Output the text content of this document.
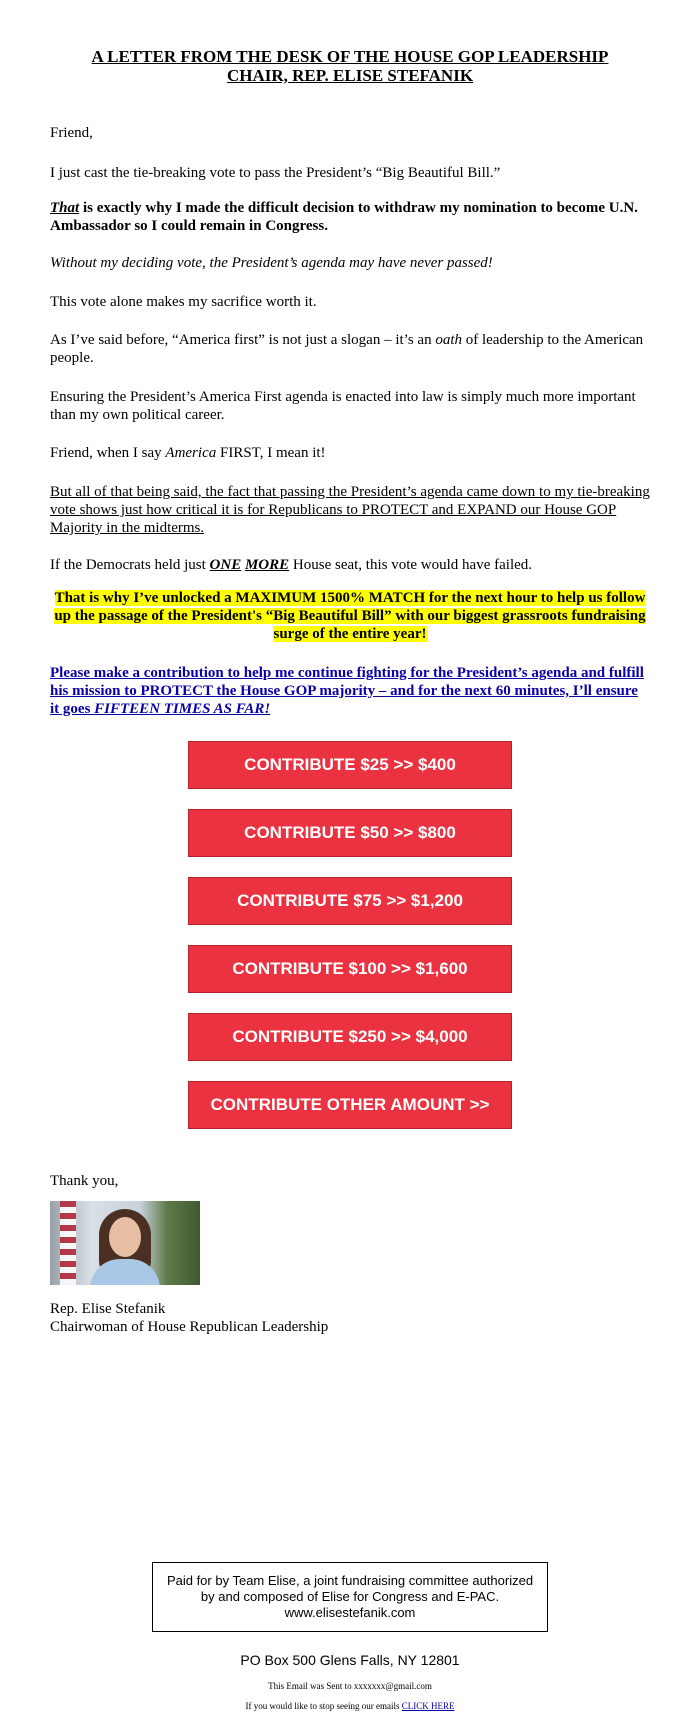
A LETTER FROM THE DESK OF THE HOUSE GOP LEADERSHIP
CHAIR, REP. ELISE STEFANIK
Friend,
I just cast the tie-breaking vote to pass the President’s “Big Beautiful Bill.”
That is exactly why I made the difficult decision to withdraw my nomination to become U.N. Ambassador so I could remain in Congress.
Without my deciding vote, the President’s agenda may have never passed!
This vote alone makes my sacrifice worth it.
As I’ve said before, “America first” is not just a slogan – it’s an oath of leadership to the American people.
Ensuring the President’s America First agenda is enacted into law is simply much more important than my own political career.
Friend, when I say America FIRST, I mean it!
But all of that being said, the fact that passing the President’s agenda came down to my tie-breaking vote shows just how critical it is for Republicans to PROTECT and EXPAND our House GOP Majority in the midterms.
If the Democrats held just ONE MORE House seat, this vote would have failed.
That is why I’ve unlocked a MAXIMUM 1500% MATCH for the next hour to help us follow up the passage of the President's “Big Beautiful Bill” with our biggest grassroots fundraising surge of the entire year!
Please make a contribution to help me continue fighting for the President’s agenda and fulfill his mission to PROTECT the House GOP majority – and for the next 60 minutes, I’ll ensure it goes FIFTEEN TIMES AS FAR!
CONTRIBUTE $25 >> $400
CONTRIBUTE $50 >> $800
CONTRIBUTE $75 >> $1,200
CONTRIBUTE $100 >> $1,600
CONTRIBUTE $250 >> $4,000
CONTRIBUTE OTHER AMOUNT >>
Thank you,
Rep. Elise Stefanik
Chairwoman of House Republican Leadership
Paid for by Team Elise, a joint fundraising committee authorized by and composed of Elise for Congress and E-PAC. www.elisestefanik.com
PO Box 500 Glens Falls, NY 12801
This Email was Sent to xxxxxxx@gmail.com
If you would like to stop seeing our emails CLICK HERE
